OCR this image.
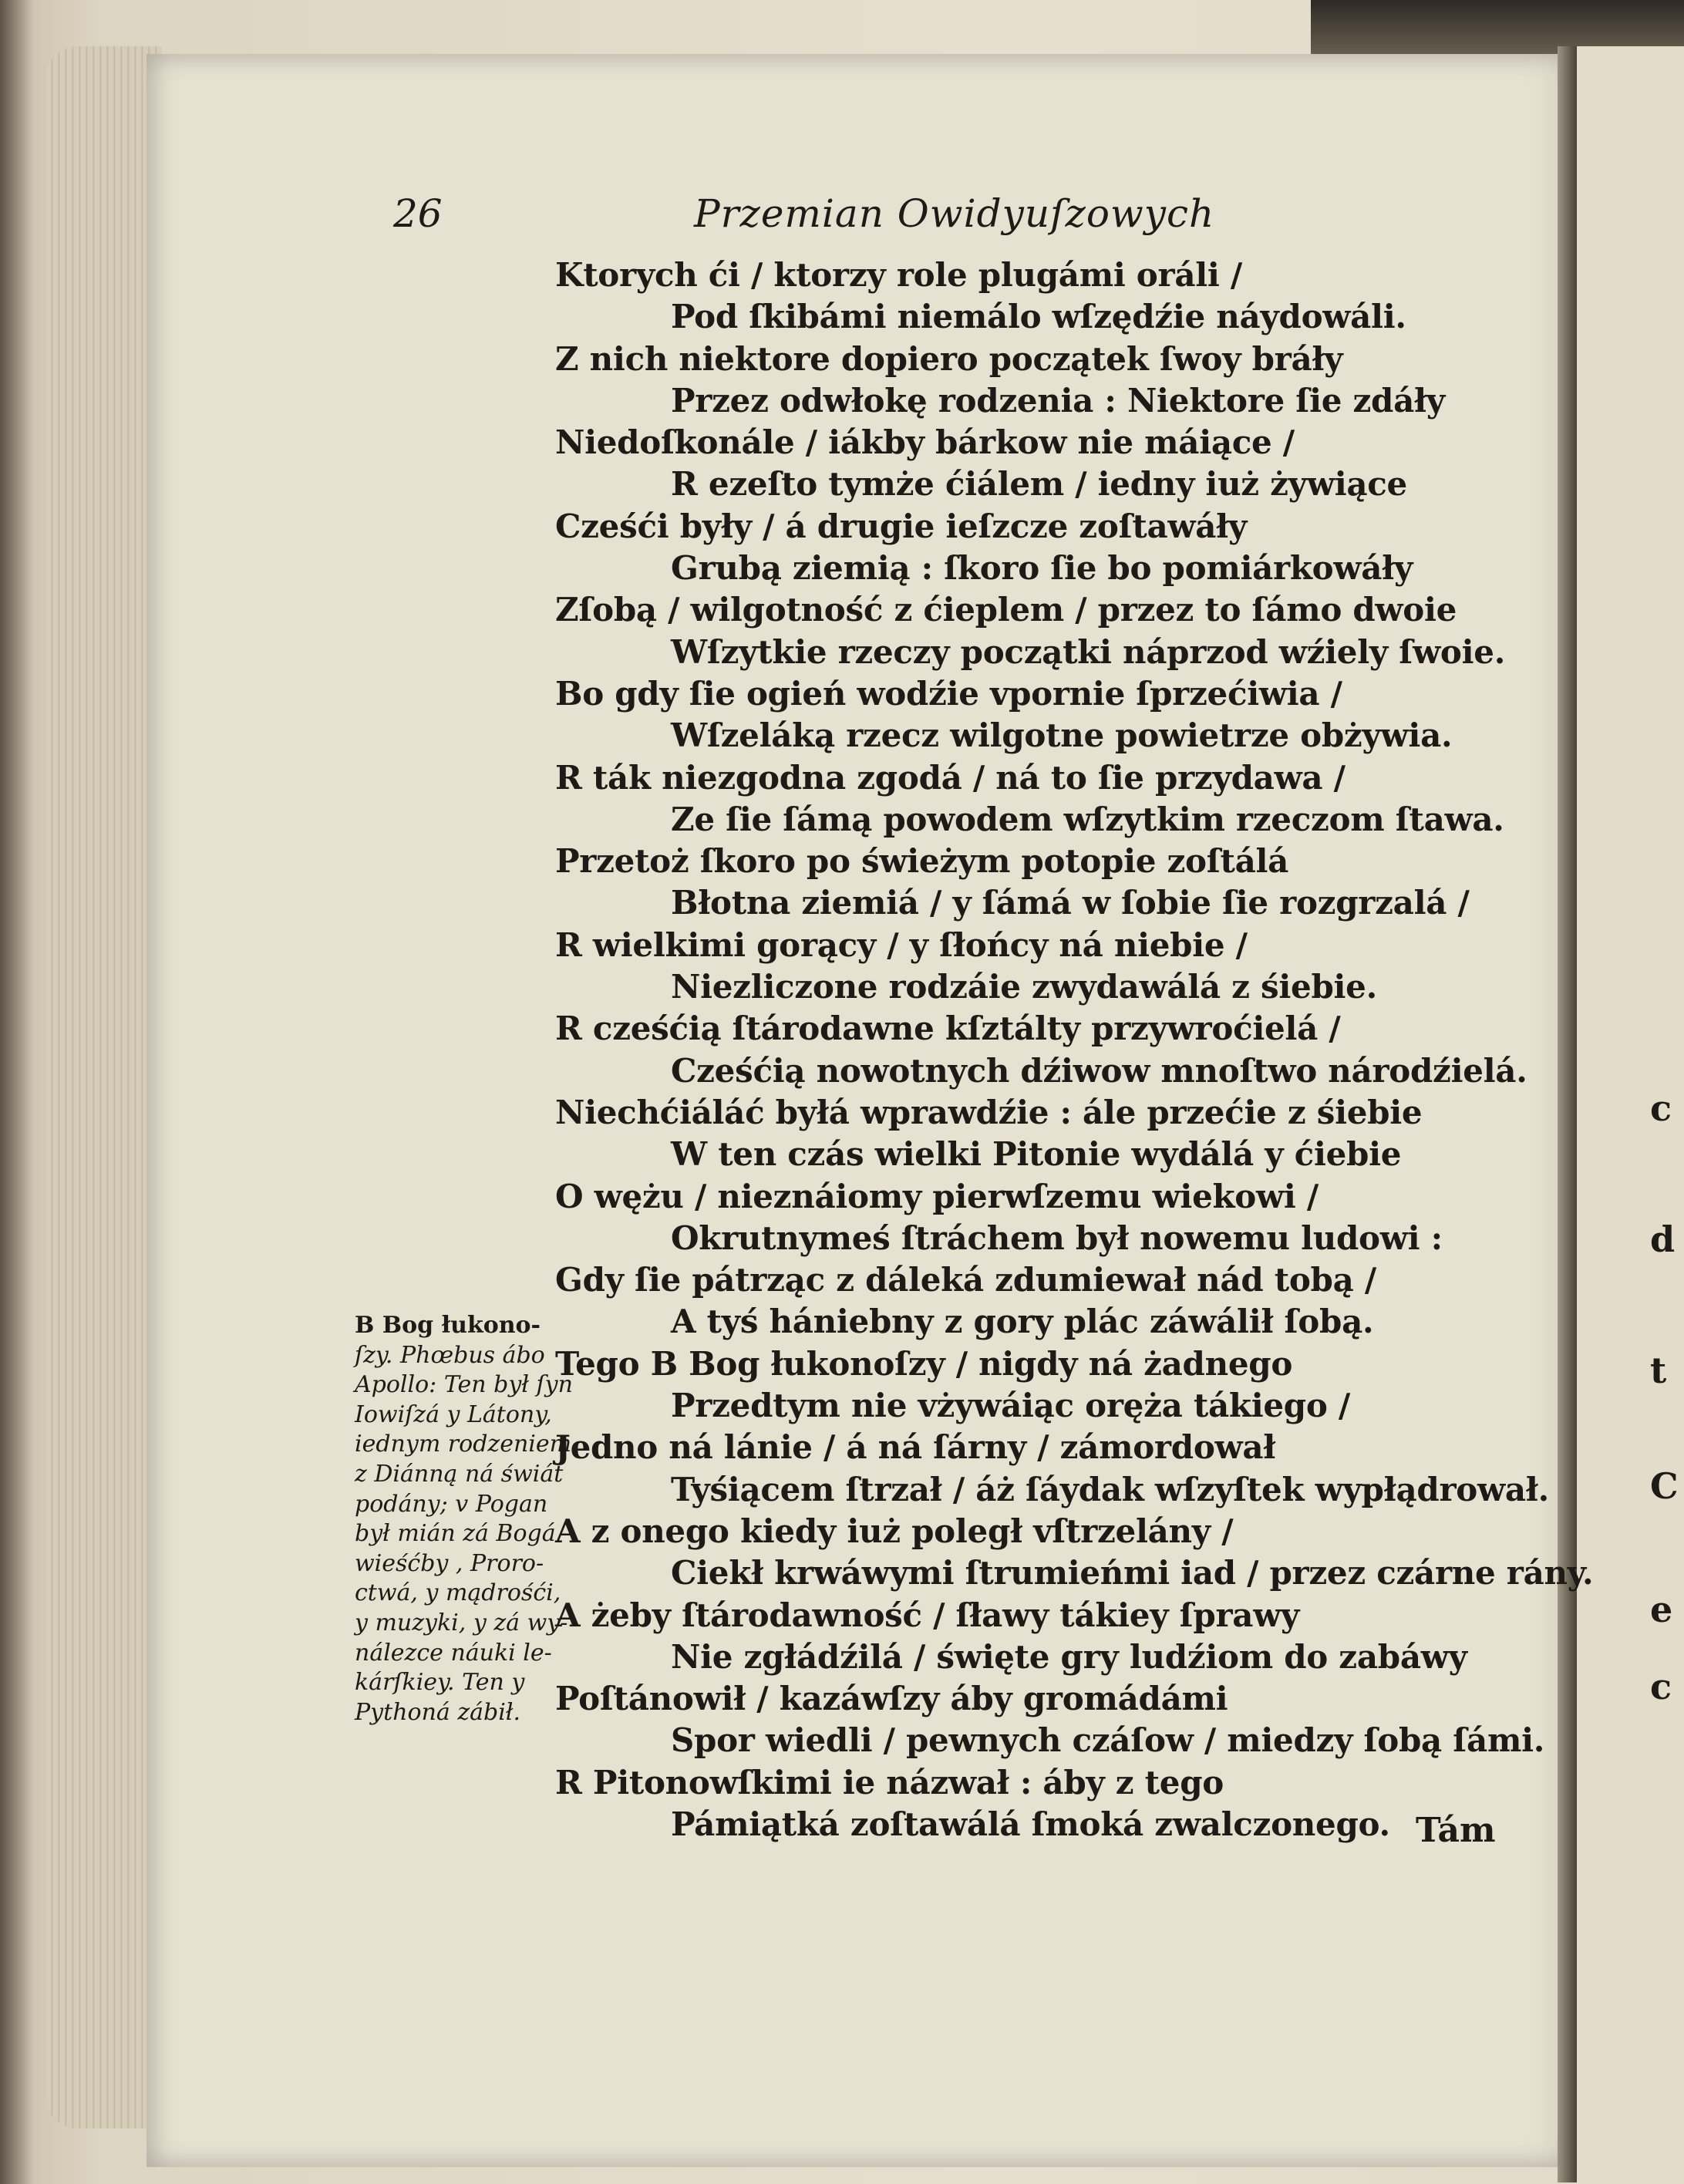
c
d
t
C
e
c
26	Przemian Owidyuſzowych
Ktorych ći / ktorzy role plugámi oráli /
Pod ſkibámi niemálo wſzędźie náydowáli.
Z nich niektore dopiero początek ſwoy bráły
Przez odwłokę rodzenia : Niektore ſie zdáły
Niedoſkonále / iákby bárkow nie máiące /
R ezeſto tymże ćiálem / iedny iuż żywiące
Cześći były / á drugie ieſzcze zoſtawáły
Grubą ziemią : ſkoro ſie bo pomiárkowáły
Zſobą / wilgotność z ćieplem / przez to ſámo dwoie
Wſzytkie rzeczy początki náprzod wźiely ſwoie.
Bo gdy ſie ogień wodźie vpornie ſprzećiwia /
Wſzeláką rzecz wilgotne powietrze obżywia.
R ták niezgodna zgodá / ná to ſie przydawa /
Ze ſie ſámą powodem wſzytkim rzeczom ſtawa.
Przetoż ſkoro po świeżym potopie zoſtálá
Błotna ziemiá / y ſámá w ſobie ſie rozgrzalá /
R wielkimi gorący / y ſłońcy ná niebie /
Niezliczone rodzáie zwydawálá z śiebie.
R cześćią ſtárodawne kſztálty przywroćielá /
Cześćią nowotnych dźiwow mnoſtwo národźielá.
Niechćiáláć byłá wprawdźie : ále przećie z śiebie
W ten czás wielki Pitonie wydálá y ćiebie
O wężu / nieznáiomy pierwſzemu wiekowi /
Okrutnymeś ſtráchem był nowemu ludowi :
Gdy ſie pátrząc z dáleká zdumiewał nád tobą /
A tyś hániebny z gory plác záwálił ſobą.
Tego B Bog łukonoſzy / nigdy ná żadnego
Przedtym nie vżywáiąc oręża tákiego /
Jedno ná lánie / á ná ſárny / zámordował
Tyśiącem ſtrzał / áż ſáydak wſzyſtek wypłądrował.
A z onego kiedy iuż poległ vſtrzelány /
Ciekł krwáwymi ſtrumieńmi iad / przez czárne rány.
A żeby ſtárodawność / ſławy tákiey ſprawy
Nie zgłádźilá / święte gry ludźiom do zabáwy
Poſtánowił / kazáwſzy áby gromádámi
Spor wiedli / pewnych czáſow / miedzy ſobą ſámi.
R Pitonowſkimi ie názwał : áby z tego
Pámiątká zoſtawálá ſmoká zwalczonego. Tám
B Bog łukono-
ſzy. Phœbus ábo
Apollo: Ten był ſyn
Iowiſzá y Látony,
iednym rodzeniem
z Diánną ná świát
podány; v Pogan
był mián zá Bogá
wieśćby , Proro-
ctwá, y mądrośći,
y muzyki, y zá wy-
nálezce náuki le-
kárſkiey. Ten y
Pythoná zábił.
